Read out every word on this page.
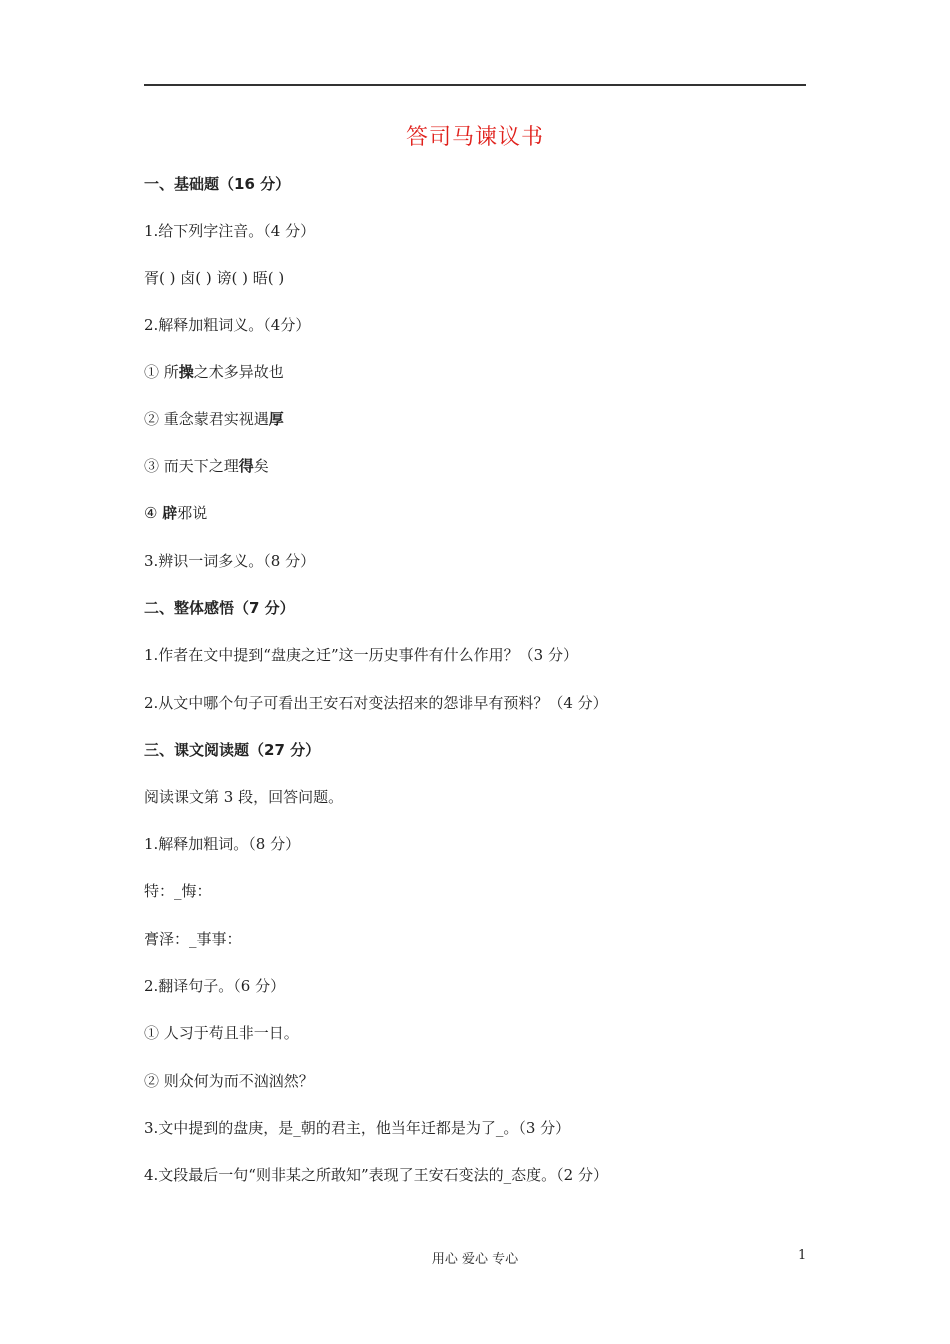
答司马谏议书
一、基础题（16 分）
1.给下列字注音。（4 分）
胥( ) 卤( ) 谤( ) 晤( )
2.解释加粗词义。（4分）
① 所操之术多异故也
② 重念蒙君实视遇厚
③ 而天下之理得矣
④ 辟邪说
3.辨识一词多义。（8 分）
二、整体感悟（7 分）
1.作者在文中提到“盘庚之迁”这一历史事件有什么作用？（3 分）
2.从文中哪个句子可看出王安石对变法招来的怨诽早有预料？（4 分）
三、课文阅读题（27 分）
阅读课文第 3 段，回答问题。
1.解释加粗词。（8 分）
特：_悔：
膏泽：_事事：
2.翻译句子。（6 分）
① 人习于苟且非一日。
② 则众何为而不汹汹然？
3.文中提到的盘庚，是_朝的君主，他当年迁都是为了_。（3 分）
4.文段最后一句“则非某之所敢知”表现了王安石变法的_态度。（2 分）
用心 爱心 专心	1
